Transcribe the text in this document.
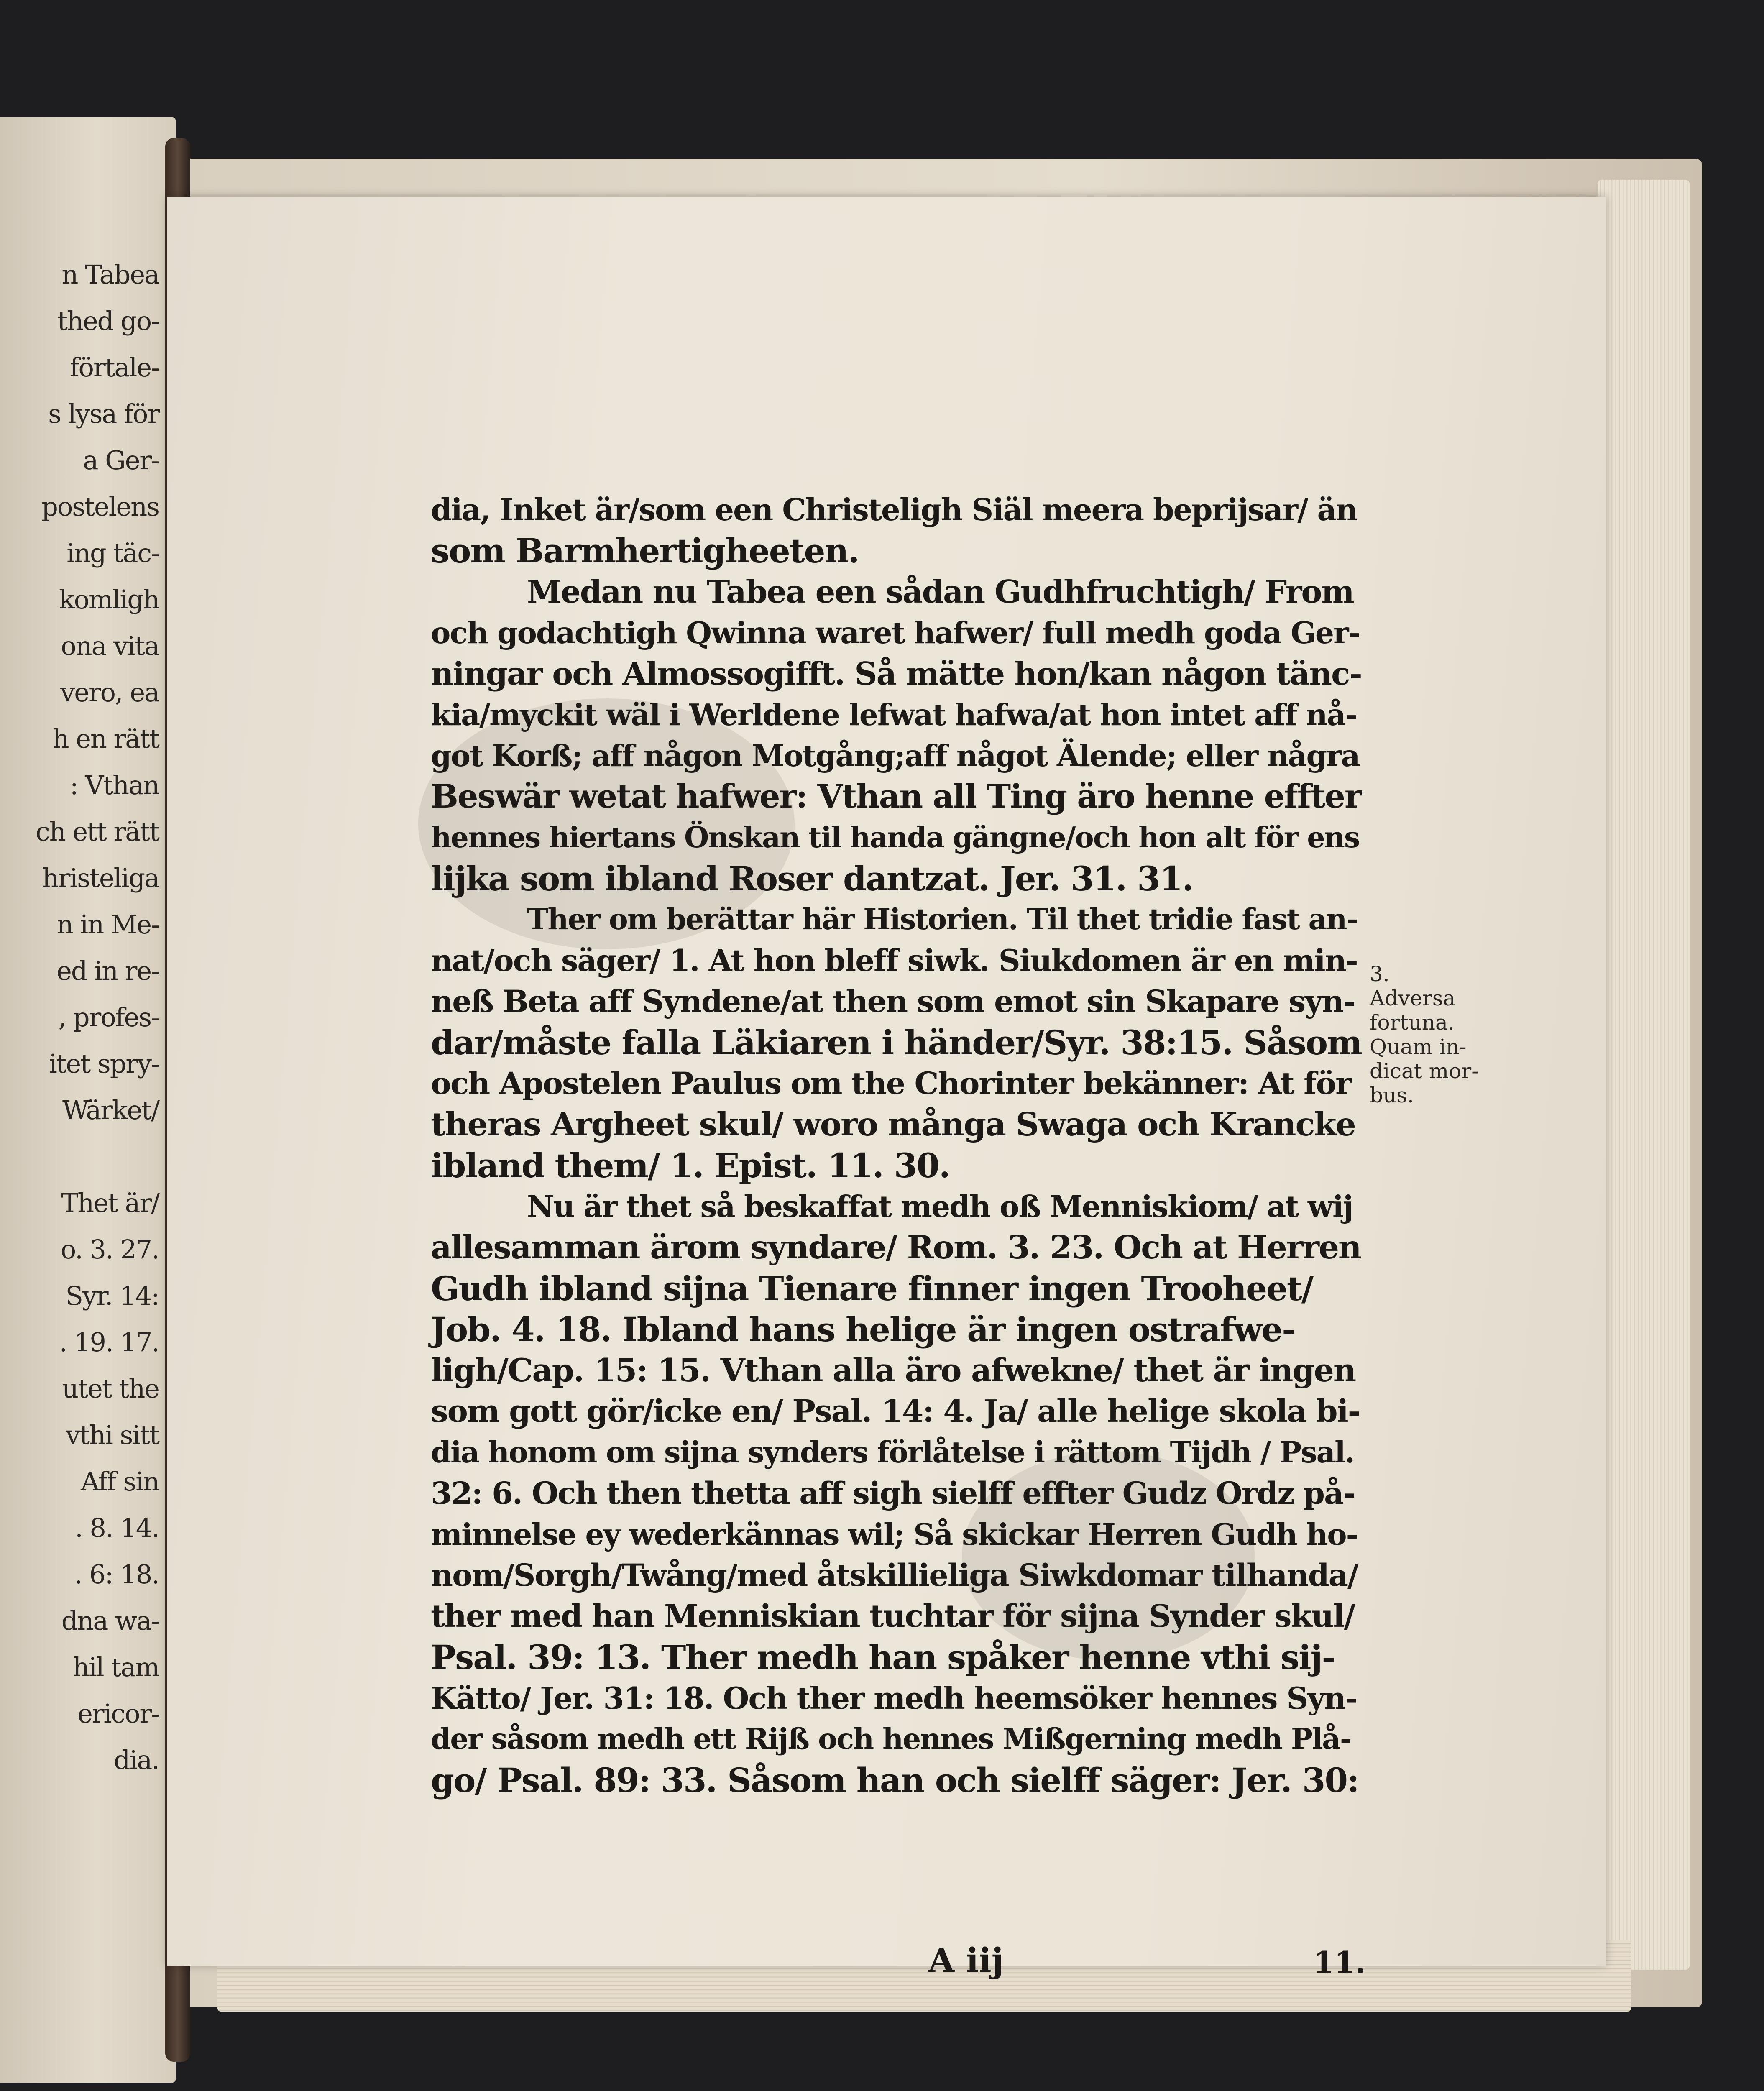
n Tabea
thed go-
förtale-
s lysa för
a Ger-
postelens
ing täc-
komligh
ona vita
vero, ea
h en rätt
: Vthan
ch ett rätt
hristeliga
n in Me-
ed in re-
, profes-
itet spry-
Wärket/
Thet är/
o. 3. 27.
Syr. 14:
. 19. 17.
utet the
vthi sitt
Aff sin
. 8. 14.
. 6: 18.
dna wa-
hil tam
ericor-
dia.
dia, Inket är/som een Christeligh Siäl meera beprijsar/ än
som Barmhertigheeten.
Medan nu Tabea een sådan Gudhfruchtigh/ From
och godachtigh Qwinna waret hafwer/ full medh goda Ger-
ningar och Almossogifft. Så mätte hon/kan någon tänc-
kia/myckit wäl i Werldene lefwat hafwa/at hon intet aff nå-
got Korß; aff någon Motgång;aff något Älende; eller några
Beswär wetat hafwer: Vthan all Ting äro henne effter
hennes hiertans Önskan til handa gängne/och hon alt för ens
lijka som ibland Roser dantzat. Jer. 31. 31.
Ther om berättar här Historien. Til thet tridie fast an-
nat/och säger/ 1. At hon bleff siwk. Siukdomen är en min-
neß Beta aff Syndene/at then som emot sin Skapare syn-
dar/måste falla Läkiaren i händer/Syr. 38:15. Såsom
och Apostelen Paulus om the Chorinter bekänner: At för
theras Argheet skul/ woro många Swaga och Krancke
ibland them/ 1. Epist. 11. 30.
Nu är thet så beskaffat medh oß Menniskiom/ at wij
allesamman ärom syndare/ Rom. 3. 23. Och at Herren
Gudh ibland sijna Tienare finner ingen Trooheet/
Job. 4. 18. Ibland hans helige är ingen ostrafwe-
ligh/Cap. 15: 15. Vthan alla äro afwekne/ thet är ingen
som gott gör/icke en/ Psal. 14: 4. Ja/ alle helige skola bi-
dia honom om sijna synders förlåtelse i rättom Tijdh / Psal.
32: 6. Och then thetta aff sigh sielff effter Gudz Ordz på-
minnelse ey wederkännas wil; Så skickar Herren Gudh ho-
nom/Sorgh/Twång/med åtskillieliga Siwkdomar tilhanda/
ther med han Menniskian tuchtar för sijna Synder skul/
Psal. 39: 13. Ther medh han spåker henne vthi sij-
Kätto/ Jer. 31: 18. Och ther medh heemsöker hennes Syn-
der såsom medh ett Rijß och hennes Mißgerning medh Plå-
go/ Psal. 89: 33. Såsom han och sielff säger: Jer. 30:
3.
Adversa
fortuna.
Quam in-
dicat mor-
bus.
A iij	11.
